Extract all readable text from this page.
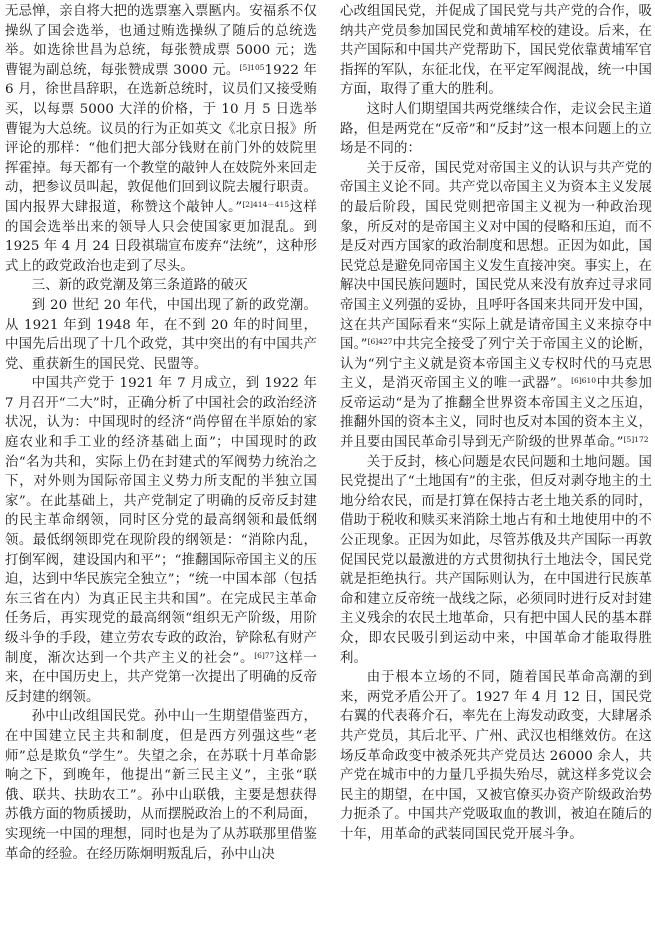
无忌惮，亲自将大把的选票塞入票匦内。安福系不仅操纵了国会选举，也通过贿选操纵了随后的总统选举。如选徐世昌为总统，每张赞成票 5000 元；选曹锟为副总统，每张赞成票 3000 元。$^{[5]105}$1922 年 6 月，徐世昌辞职，在选新总统时，议员们又接受贿买，以每票 5000 大洋的价格，于 10 月 5 日选举曹锟为大总统。议员的行为正如英文《北京日报》所评论的那样：“他们把大部分钱财在前门外的妓院里挥霍掉。每天都有一个教堂的敲钟人在妓院外来回走动，把参议员叫起，敦促他们回到议院去履行职责。国内报界大肆报道，称赞这个敲钟人。”$^{[2]414-415}$这样的国会选举出来的领导人只会使国家更加混乱。到 1925 年 4 月 24 日段祺瑞宣布废弃“法统”，这种形式上的政党政治也走到了尽头。

三、新的政党潮及第三条道路的破灭

到 20 世纪 20 年代，中国出现了新的政党潮。从 1921 年到 1948 年，在不到 20 年的时间里，中国先后出现了十几个政党，其中突出的有中国共产党、重获新生的国民党、民盟等。

中国共产党于 1921 年 7 月成立，到 1922 年 7 月召开“二大”时，正确分析了中国社会的政治经济状况，认为：中国现时的经济“尚停留在半原始的家庭农业和手工业的经济基础上面”；中国现时的政治“名为共和，实际上仍在封建式的军阀势力统治之下，对外则为国际帝国主义势力所支配的半独立国家”。在此基础上，共产党制定了明确的反帝反封建的民主革命纲领，同时区分党的最高纲领和最低纲领。最低纲领即党在现阶段的纲领是：“消除内乱，打倒军阀，建设国内和平”；“推翻国际帝国主义的压迫，达到中华民族完全独立”；“统一中国本部（包括东三省在内）为真正民主共和国”。在完成民主革命任务后，再实现党的最高纲领“组织无产阶级，用阶级斗争的手段，建立劳农专政的政治，铲除私有财产制度，渐次达到一个共产主义的社会”。$^{[6]77}$这样一来，在中国历史上，共产党第一次提出了明确的反帝反封建的纲领。

孙中山改组国民党。孙中山一生期望借鉴西方，在中国建立民主共和制度，但是西方列强这些“老师”总是欺负“学生”。失望之余，在苏联十月革命影响之下，到晚年，他提出“新三民主义”，主张“联俄、联共、扶助农工”。孙中山联俄，主要是想获得苏俄方面的物质援助，从而摆脱政治上的不利局面，实现统一中国的理想，同时也是为了从苏联那里借鉴革命的经验。在经历陈炯明叛乱后，孙中山决

心改组国民党，并促成了国民党与共产党的合作，吸纳共产党员参加国民党和黄埔军校的建设。后来，在共产国际和中国共产党帮助下，国民党依靠黄埔军官指挥的军队，东征北伐，在平定军阀混战，统一中国方面，取得了重大的胜利。

这时人们期望国共两党继续合作，走议会民主道路，但是两党在“反帝”和“反封”这一根本问题上的立场是不同的：

关于反帝，国民党对帝国主义的认识与共产党的帝国主义论不同。共产党以帝国主义为资本主义发展的最后阶段，国民党则把帝国主义视为一种政治现象，所反对的是帝国主义对中国的侵略和压迫，而不是反对西方国家的政治制度和思想。正因为如此，国民党总是避免同帝国主义发生直接冲突。事实上，在解决中国民族问题时，国民党从来没有放弃过寻求同帝国主义列强的妥协，且呼吁各国来共同开发中国，这在共产国际看来“实际上就是请帝国主义来掠夺中国。”$^{[6]427}$中共完全接受了列宁关于帝国主义的论断，认为“列宁主义就是资本帝国主义专权时代的马克思主义，是消灭帝国主义的唯一武器”。$^{[6]610}$中共参加反帝运动“是为了推翻全世界资本帝国主义之压迫，推翻外国的资本主义，同时也反对本国的资本主义，并且要由国民革命引导到无产阶级的世界革命。”$^{[5]172}$

关于反封，核心问题是农民问题和土地问题。国民党提出了“土地国有”的主张，但反对剥夺地主的土地分给农民，而是打算在保持古老土地关系的同时，借助于税收和赎买来消除土地占有和土地使用中的不公正现象。正因为如此，尽管苏俄及共产国际一再敦促国民党以最激进的方式贯彻执行土地法令，国民党就是拒绝执行。共产国际则认为，在中国进行民族革命和建立反帝统一战线之际，必须同时进行反对封建主义残余的农民土地革命，只有把中国人民的基本群众，即农民吸引到运动中来，中国革命才能取得胜利。

由于根本立场的不同，随着国民革命高潮的到来，两党矛盾公开了。1927 年 4 月 12 日，国民党右翼的代表蒋介石，率先在上海发动政变，大肆屠杀共产党员，其后北平、广州、武汉也相继效仿。在这场反革命政变中被杀死共产党员达 26000 余人，共产党在城市中的力量几乎损失殆尽，就这样多党议会民主的期望，在中国，又被官僚买办资产阶级政治势力扼杀了。中国共产党吸取血的教训，被迫在随后的十年，用革命的武装同国民党开展斗争。
